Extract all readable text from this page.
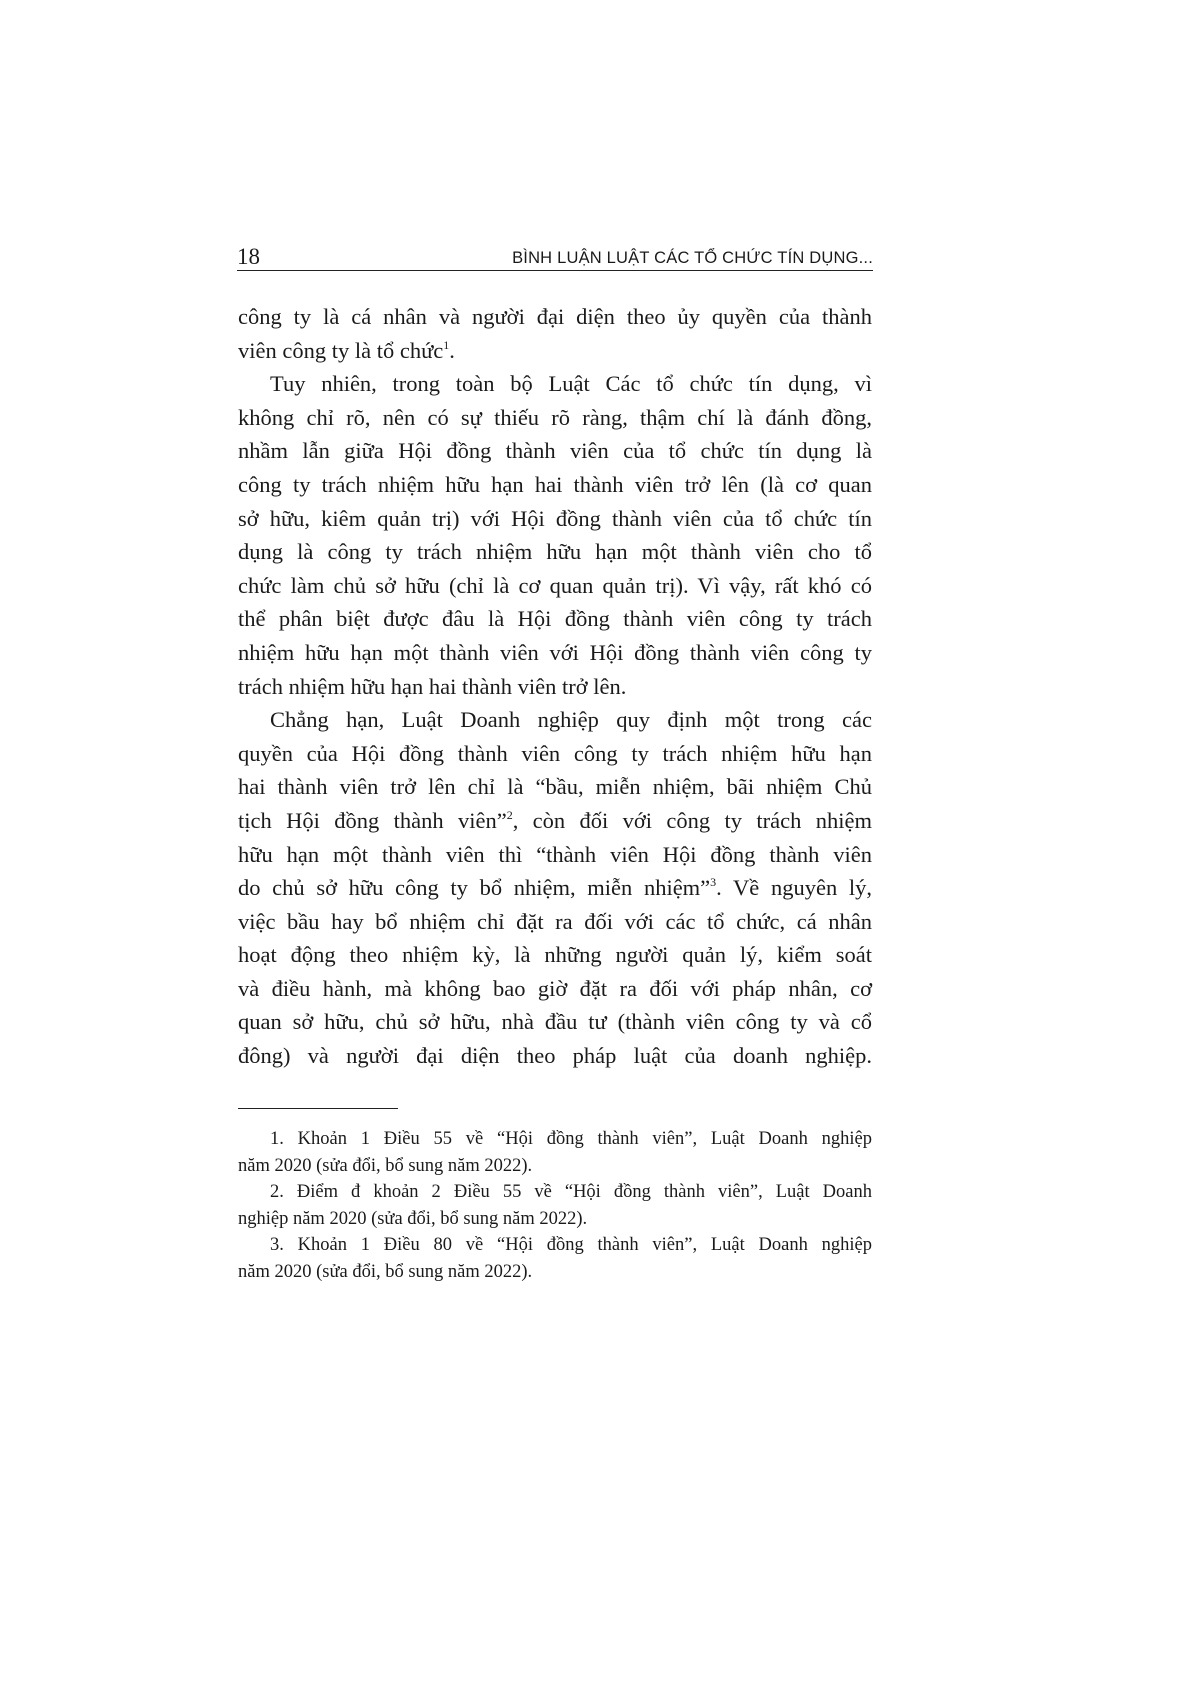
18	BÌNH LUẬN LUẬT CÁC TỔ CHỨC TÍN DỤNG...
công ty là cá nhân và người đại diện theo ủy quyền của thành
viên công ty là tổ chức$^1$.
Tuy nhiên, trong toàn bộ Luật Các tổ chức tín dụng, vì
không chỉ rõ, nên có sự thiếu rõ ràng, thậm chí là đánh đồng,
nhầm lẫn giữa Hội đồng thành viên của tổ chức tín dụng là
công ty trách nhiệm hữu hạn hai thành viên trở lên (là cơ quan
sở hữu, kiêm quản trị) với Hội đồng thành viên của tổ chức tín
dụng là công ty trách nhiệm hữu hạn một thành viên cho tổ
chức làm chủ sở hữu (chỉ là cơ quan quản trị). Vì vậy, rất khó có
thể phân biệt được đâu là Hội đồng thành viên công ty trách
nhiệm hữu hạn một thành viên với Hội đồng thành viên công ty
trách nhiệm hữu hạn hai thành viên trở lên.
Chẳng hạn, Luật Doanh nghiệp quy định một trong các
quyền của Hội đồng thành viên công ty trách nhiệm hữu hạn
hai thành viên trở lên chỉ là “bầu, miễn nhiệm, bãi nhiệm Chủ
tịch Hội đồng thành viên”$^2$, còn đối với công ty trách nhiệm
hữu hạn một thành viên thì “thành viên Hội đồng thành viên
do chủ sở hữu công ty bổ nhiệm, miễn nhiệm”$^3$. Về nguyên lý,
việc bầu hay bổ nhiệm chỉ đặt ra đối với các tổ chức, cá nhân
hoạt động theo nhiệm kỳ, là những người quản lý, kiểm soát
và điều hành, mà không bao giờ đặt ra đối với pháp nhân, cơ
quan sở hữu, chủ sở hữu, nhà đầu tư (thành viên công ty và cổ
đông) và người đại diện theo pháp luật của doanh nghiệp.
1. Khoản 1 Điều 55 về “Hội đồng thành viên”, Luật Doanh nghiệp
năm 2020 (sửa đổi, bổ sung năm 2022).
2. Điểm đ khoản 2 Điều 55 về “Hội đồng thành viên”, Luật Doanh
nghiệp năm 2020 (sửa đổi, bổ sung năm 2022).
3. Khoản 1 Điều 80 về “Hội đồng thành viên”, Luật Doanh nghiệp
năm 2020 (sửa đổi, bổ sung năm 2022).
